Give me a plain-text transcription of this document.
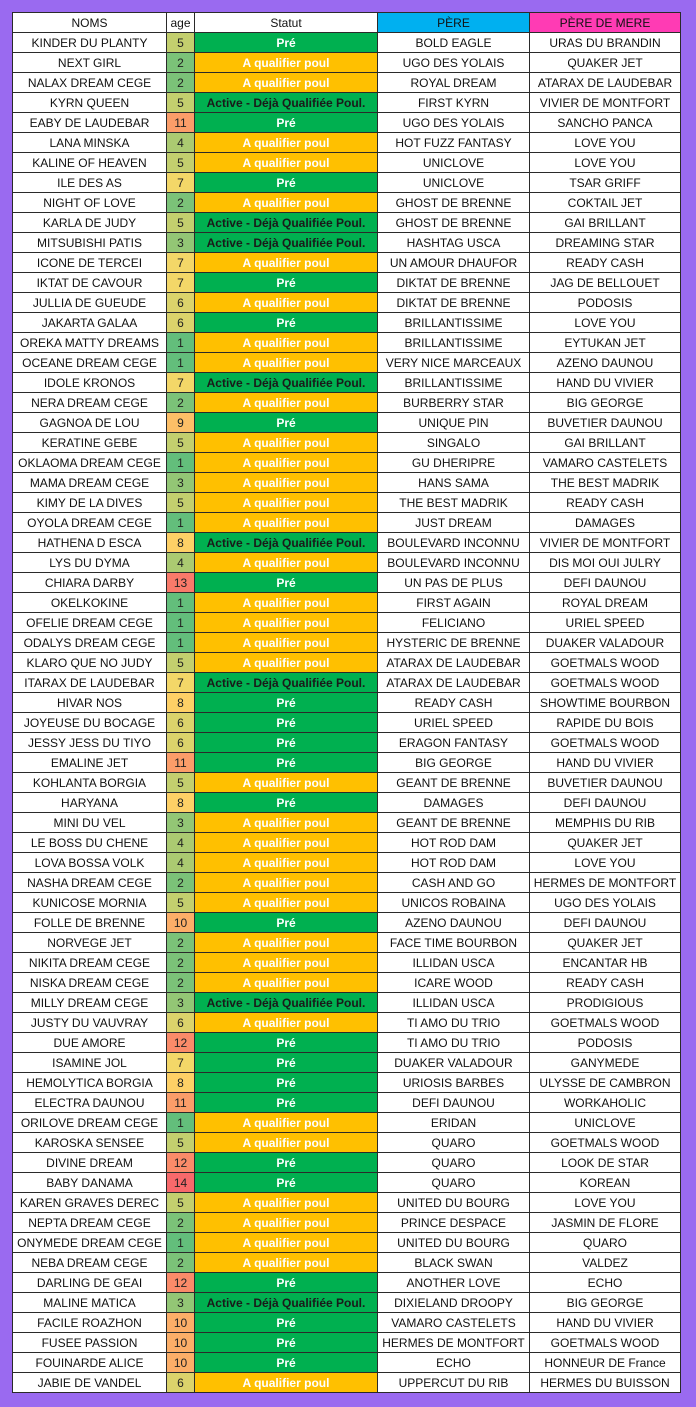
NOMS	age	Statut	PÈRE	PÈRE DE MERE
KINDER DU PLANTY	5	Pré	BOLD EAGLE	URAS DU BRANDIN
NEXT GIRL	2	A qualifier poul	UGO DES YOLAIS	QUAKER JET
NALAX DREAM CEGE	2	A qualifier poul	ROYAL DREAM	ATARAX DE LAUDEBAR
KYRN QUEEN	5	Active - Déjà Qualifiée Poul.	FIRST KYRN	VIVIER DE MONTFORT
EABY DE LAUDEBAR	11	Pré	UGO DES YOLAIS	SANCHO PANCA
LANA MINSKA	4	A qualifier poul	HOT FUZZ FANTASY	LOVE YOU
KALINE OF HEAVEN	5	A qualifier poul	UNICLOVE	LOVE YOU
ILE DES AS	7	Pré	UNICLOVE	TSAR GRIFF
NIGHT OF LOVE	2	A qualifier poul	GHOST DE BRENNE	COKTAIL JET
KARLA DE JUDY	5	Active - Déjà Qualifiée Poul.	GHOST DE BRENNE	GAI BRILLANT
MITSUBISHI PATIS	3	Active - Déjà Qualifiée Poul.	HASHTAG USCA	DREAMING STAR
ICONE DE TERCEI	7	A qualifier poul	UN AMOUR DHAUFOR	READY CASH
IKTAT DE CAVOUR	7	Pré	DIKTAT DE BRENNE	JAG DE BELLOUET
JULLIA DE GUEUDE	6	A qualifier poul	DIKTAT DE BRENNE	PODOSIS
JAKARTA GALAA	6	Pré	BRILLANTISSIME	LOVE YOU
OREKA MATTY DREAMS	1	A qualifier poul	BRILLANTISSIME	EYTUKAN JET
OCEANE DREAM CEGE	1	A qualifier poul	VERY NICE MARCEAUX	AZENO DAUNOU
IDOLE KRONOS	7	Active - Déjà Qualifiée Poul.	BRILLANTISSIME	HAND DU VIVIER
NERA DREAM CEGE	2	A qualifier poul	BURBERRY STAR	BIG GEORGE
GAGNOA DE LOU	9	Pré	UNIQUE PIN	BUVETIER DAUNOU
KERATINE GEBE	5	A qualifier poul	SINGALO	GAI BRILLANT
OKLAOMA DREAM CEGE	1	A qualifier poul	GU DHERIPRE	VAMARO CASTELETS
MAMA DREAM CEGE	3	A qualifier poul	HANS SAMA	THE BEST MADRIK
KIMY DE LA DIVES	5	A qualifier poul	THE BEST MADRIK	READY CASH
OYOLA DREAM CEGE	1	A qualifier poul	JUST DREAM	DAMAGES
HATHENA D ESCA	8	Active - Déjà Qualifiée Poul.	BOULEVARD INCONNU	VIVIER DE MONTFORT
LYS DU DYMA	4	A qualifier poul	BOULEVARD INCONNU	DIS MOI OUI JULRY
CHIARA DARBY	13	Pré	UN PAS DE PLUS	DEFI DAUNOU
OKELKOKINE	1	A qualifier poul	FIRST AGAIN	ROYAL DREAM
OFELIE DREAM CEGE	1	A qualifier poul	FELICIANO	URIEL SPEED
ODALYS DREAM CEGE	1	A qualifier poul	HYSTERIC DE BRENNE	DUAKER VALADOUR
KLARO QUE NO JUDY	5	A qualifier poul	ATARAX DE LAUDEBAR	GOETMALS WOOD
ITARAX DE LAUDEBAR	7	Active - Déjà Qualifiée Poul.	ATARAX DE LAUDEBAR	GOETMALS WOOD
HIVAR NOS	8	Pré	READY CASH	SHOWTIME BOURBON
JOYEUSE DU BOCAGE	6	Pré	URIEL SPEED	RAPIDE DU BOIS
JESSY JESS DU TIYO	6	Pré	ERAGON FANTASY	GOETMALS WOOD
EMALINE JET	11	Pré	BIG GEORGE	HAND DU VIVIER
KOHLANTA BORGIA	5	A qualifier poul	GEANT DE BRENNE	BUVETIER DAUNOU
HARYANA	8	Pré	DAMAGES	DEFI DAUNOU
MINI DU VEL	3	A qualifier poul	GEANT DE BRENNE	MEMPHIS DU RIB
LE BOSS DU CHENE	4	A qualifier poul	HOT ROD DAM	QUAKER JET
LOVA BOSSA VOLK	4	A qualifier poul	HOT ROD DAM	LOVE YOU
NASHA DREAM CEGE	2	A qualifier poul	CASH AND GO	HERMES DE MONTFORT
KUNICOSE MORNIA	5	A qualifier poul	UNICOS ROBAINA	UGO DES YOLAIS
FOLLE DE BRENNE	10	Pré	AZENO DAUNOU	DEFI DAUNOU
NORVEGE JET	2	A qualifier poul	FACE TIME BOURBON	QUAKER JET
NIKITA DREAM CEGE	2	A qualifier poul	ILLIDAN USCA	ENCANTAR HB
NISKA DREAM CEGE	2	A qualifier poul	ICARE WOOD	READY CASH
MILLY DREAM CEGE	3	Active - Déjà Qualifiée Poul.	ILLIDAN USCA	PRODIGIOUS
JUSTY DU VAUVRAY	6	A qualifier poul	TI AMO DU TRIO	GOETMALS WOOD
DUE AMORE	12	Pré	TI AMO DU TRIO	PODOSIS
ISAMINE JOL	7	Pré	DUAKER VALADOUR	GANYMEDE
HEMOLYTICA BORGIA	8	Pré	URIOSIS BARBES	ULYSSE DE CAMBRON
ELECTRA DAUNOU	11	Pré	DEFI DAUNOU	WORKAHOLIC
ORILOVE DREAM CEGE	1	A qualifier poul	ERIDAN	UNICLOVE
KAROSKA SENSEE	5	A qualifier poul	QUARO	GOETMALS WOOD
DIVINE DREAM	12	Pré	QUARO	LOOK DE STAR
BABY DANAMA	14	Pré	QUARO	KOREAN
KAREN GRAVES DEREC	5	A qualifier poul	UNITED DU BOURG	LOVE YOU
NEPTA DREAM CEGE	2	A qualifier poul	PRINCE DESPACE	JASMIN DE FLORE
ONYMEDE DREAM CEGE	1	A qualifier poul	UNITED DU BOURG	QUARO
NEBA DREAM CEGE	2	A qualifier poul	BLACK SWAN	VALDEZ
DARLING DE GEAI	12	Pré	ANOTHER LOVE	ECHO
MALINE MATICA	3	Active - Déjà Qualifiée Poul.	DIXIELAND DROOPY	BIG GEORGE
FACILE ROAZHON	10	Pré	VAMARO CASTELETS	HAND DU VIVIER
FUSEE PASSION	10	Pré	HERMES DE MONTFORT	GOETMALS WOOD
FOUINARDE ALICE	10	Pré	ECHO	HONNEUR DE France
JABIE DE VANDEL	6	A qualifier poul	UPPERCUT DU RIB	HERMES DU BUISSON
